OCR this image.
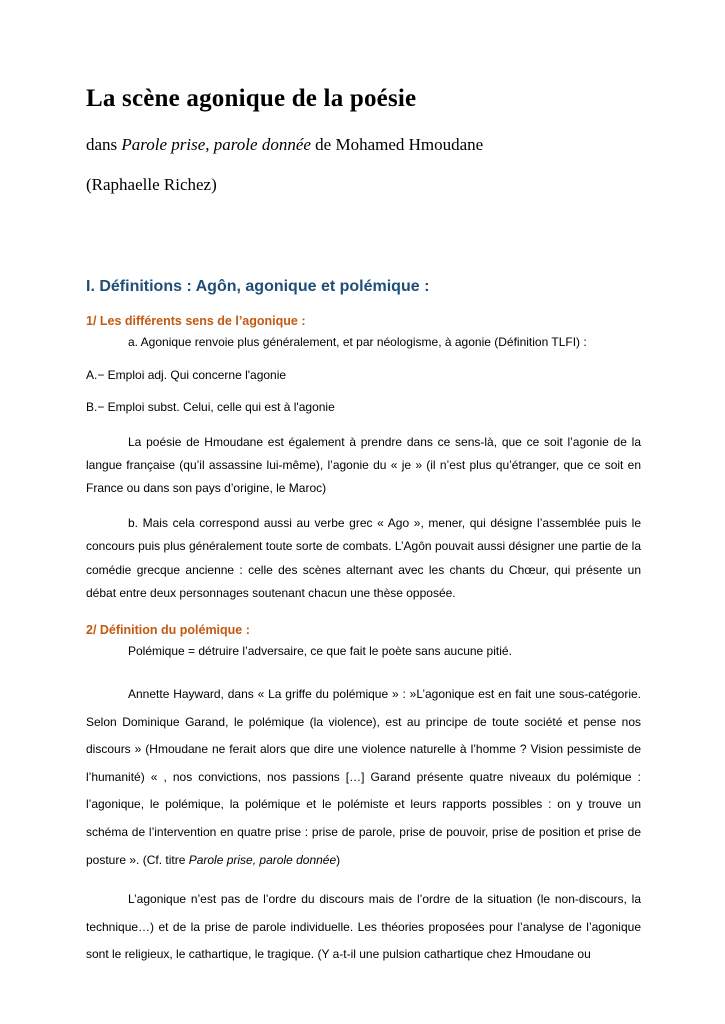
La scène agonique de la poésie

dans Parole prise, parole donnée de Mohamed Hmoudane

(Raphaelle Richez)

I. Définitions : Agôn, agonique et polémique :
1/ Les différents sens de l’agonique :

a. Agonique renvoie plus généralement, et par néologisme, à agonie (Définition TLFI) :

A.− Emploi adj. Qui concerne l'agonie

B.− Emploi subst. Celui, celle qui est à l'agonie

La poésie de Hmoudane est également à prendre dans ce sens-là, que ce soit l’agonie de la langue française (qu’il assassine lui-même), l’agonie du « je » (il n’est plus qu’étranger, que ce soit en France ou dans son pays d’origine, le Maroc)

b. Mais cela correspond aussi au verbe grec « Ago », mener, qui désigne l’assemblée puis le concours puis plus généralement toute sorte de combats. L’Agôn pouvait aussi désigner une partie de la comédie grecque ancienne : celle des scènes alternant avec les chants du Chœur, qui présente un débat entre deux personnages soutenant chacun une thèse opposée.

2/ Définition du polémique :

Polémique = détruire l’adversaire, ce que fait le poète sans aucune pitié.

Annette Hayward, dans « La griffe du polémique » : »L’agonique est en fait une sous-catégorie. Selon Dominique Garand, le polémique (la violence), est au principe de toute société et pense nos discours » (Hmoudane ne ferait alors que dire une violence naturelle à l’homme ? Vision pessimiste de l’humanité) « , nos convictions, nos passions […] Garand présente quatre niveaux du polémique : l’agonique, le polémique, la polémique et le polémiste et leurs rapports possibles : on y trouve un schéma de l’intervention en quatre prise : prise de parole, prise de pouvoir, prise de position et prise de posture ». (Cf. titre Parole prise, parole donnée)

L’agonique n’est pas de l’ordre du discours mais de l’ordre de la situation (le non-discours, la technique…) et de la prise de parole individuelle. Les théories proposées pour l’analyse de l’agonique sont le religieux, le cathartique, le tragique. (Y a-t-il une pulsion cathartique chez Hmoudane ou
